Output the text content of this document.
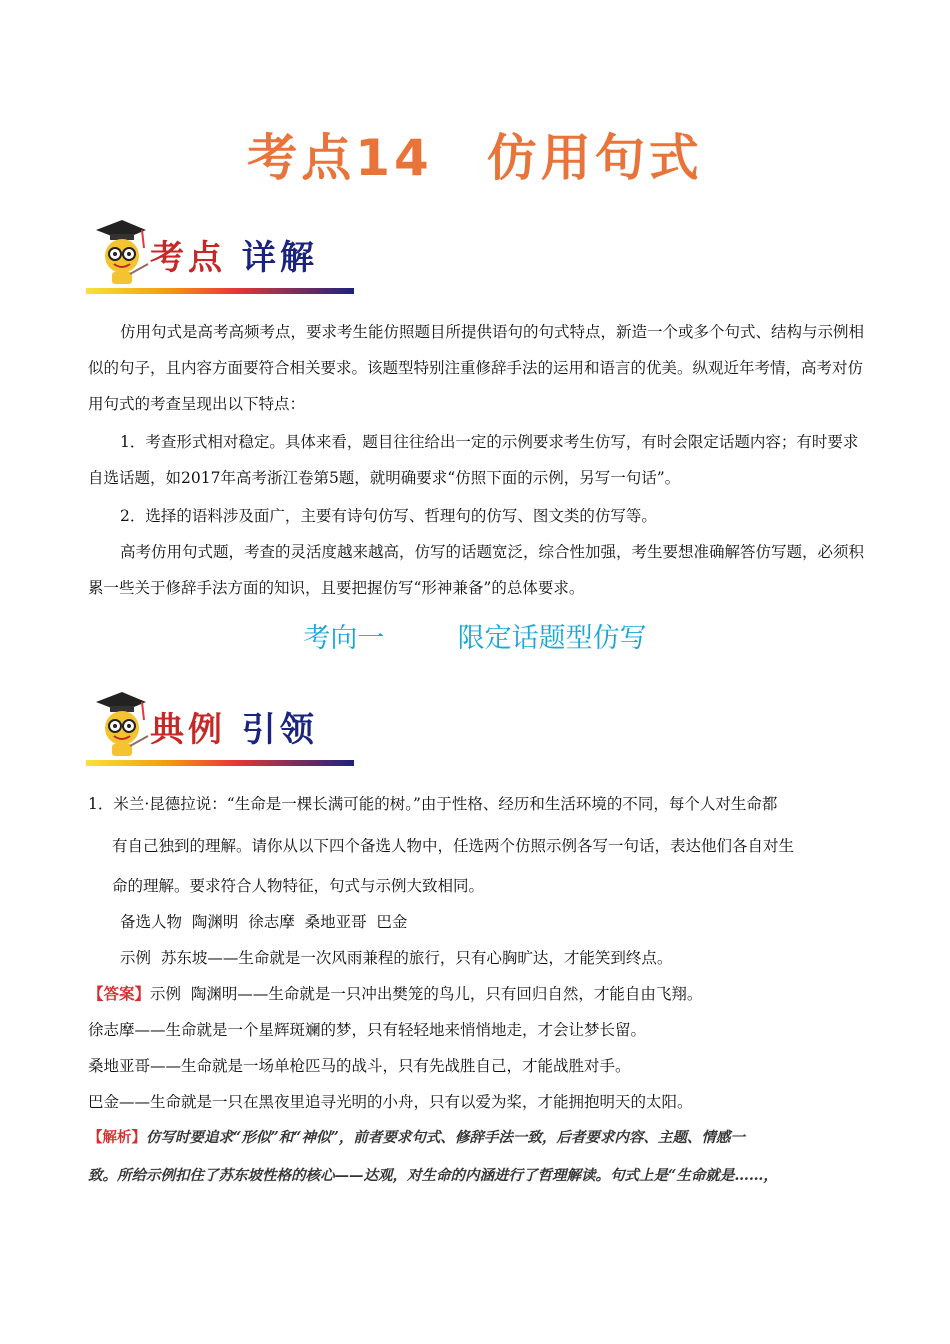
考点14　仿用句式
考点 详解
仿用句式是高考高频考点，要求考生能仿照题目所提供语句的句式特点，新造一个或多个句式、结构与示例相似的句子，且内容方面要符合相关要求。该题型特别注重修辞手法的运用和语言的优美。纵观近年考情，高考对仿用句式的考查呈现出以下特点：
1．考查形式相对稳定。具体来看，题目往往给出一定的示例要求考生仿写，有时会限定话题内容；有时要求自选话题，如2017年高考浙江卷第5题，就明确要求“仿照下面的示例，另写一句话”。
2．选择的语料涉及面广，主要有诗句仿写、哲理句的仿写、图文类的仿写等。
高考仿用句式题，考查的灵活度越来越高，仿写的话题宽泛，综合性加强，考生要想准确解答仿写题，必须积累一些关于修辞手法方面的知识，且要把握仿写“形神兼备”的总体要求。
考向一	限定话题型仿写
典例 引领
1．米兰·昆德拉说：“生命是一棵长满可能的树。”由于性格、经历和生活环境的不同，每个人对生命都
有自己独到的理解。请你从以下四个备选人物中，任选两个仿照示例各写一句话，表达他们各自对生
命的理解。要求符合人物特征，句式与示例大致相同。
备选人物  陶渊明  徐志摩  桑地亚哥  巴金
示例  苏东坡——生命就是一次风雨兼程的旅行，只有心胸旷达，才能笑到终点。
【答案】示例  陶渊明——生命就是一只冲出樊笼的鸟儿，只有回归自然，才能自由飞翔。
徐志摩——生命就是一个星辉斑斓的梦，只有轻轻地来悄悄地走，才会让梦长留。
桑地亚哥——生命就是一场单枪匹马的战斗，只有先战胜自己，才能战胜对手。
巴金——生命就是一只在黑夜里追寻光明的小舟，只有以爱为桨，才能拥抱明天的太阳。
【解析】仿写时要追求“形似”和“神似”，前者要求句式、修辞手法一致，后者要求内容、主题、情感一
致。所给示例扣住了苏东坡性格的核心——达观，对生命的内涵进行了哲理解读。句式上是“生命就是……，
